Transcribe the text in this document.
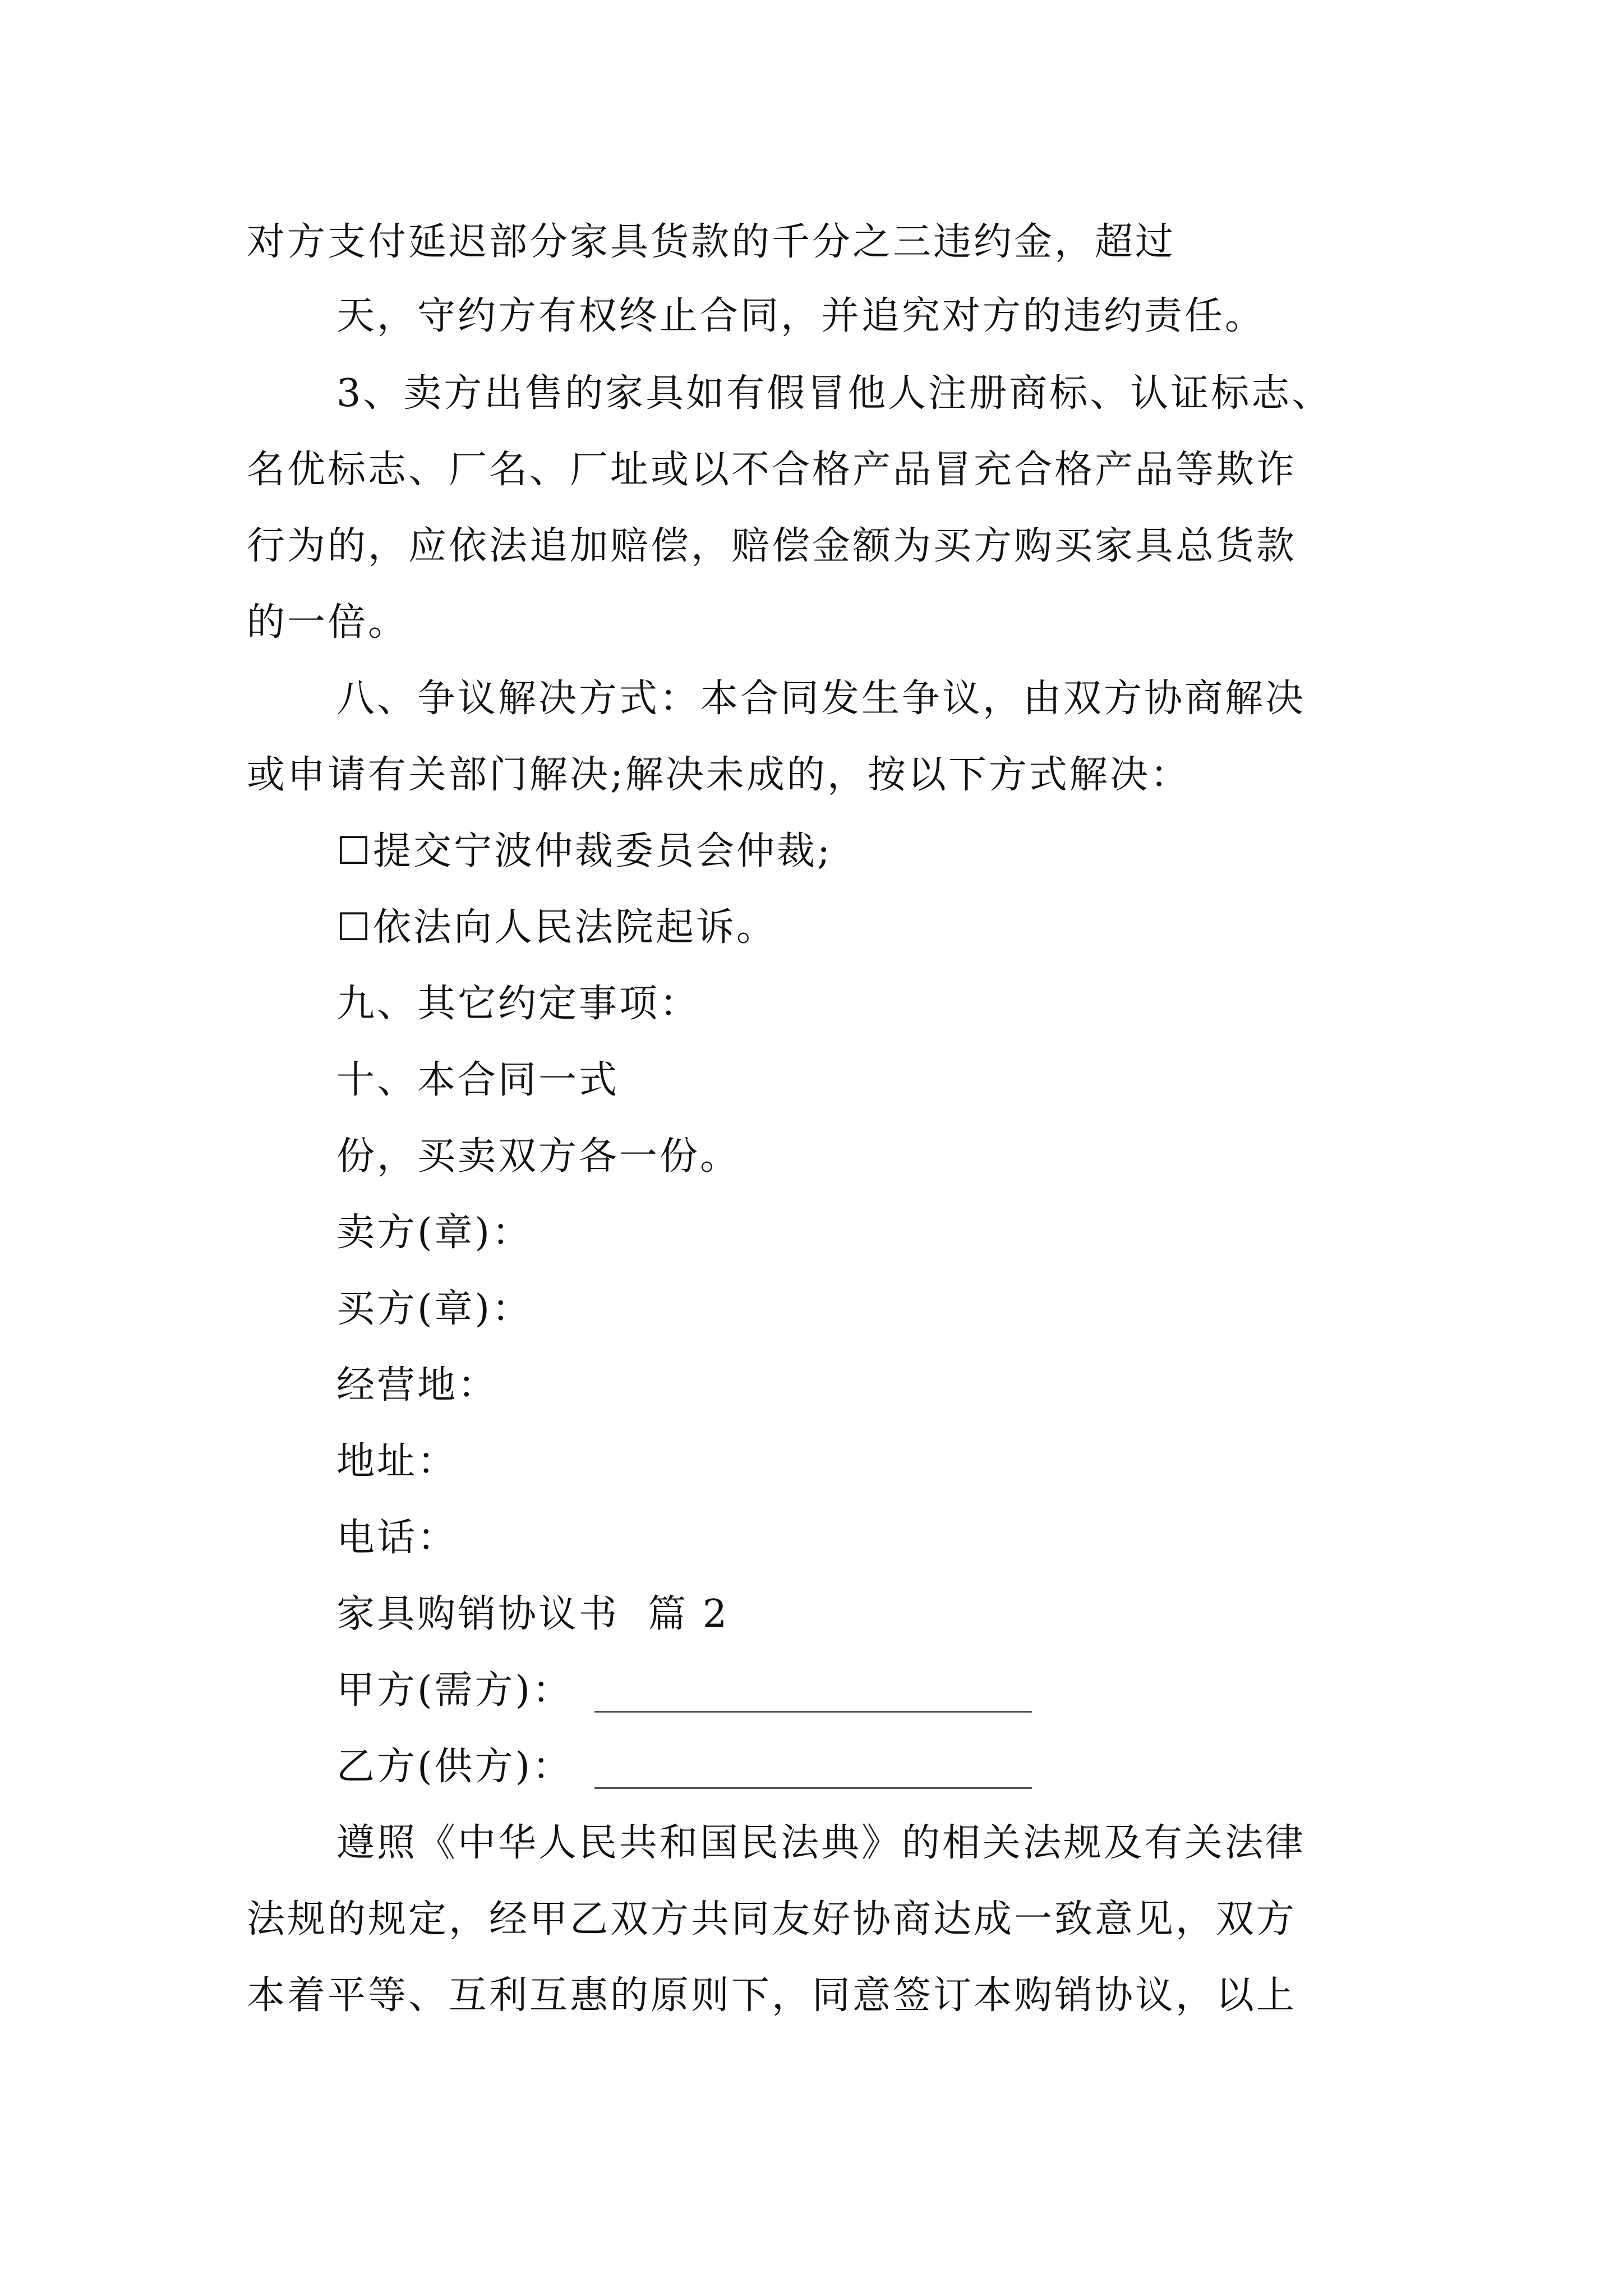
对方支付延迟部分家具货款的千分之三违约金，超过
天，守约方有权终止合同，并追究对方的违约责任。
3、卖方出售的家具如有假冒他人注册商标、认证标志、
名优标志、厂名、厂址或以不合格产品冒充合格产品等欺诈
行为的，应依法追加赔偿，赔偿金额为买方购买家具总货款
的一倍。
八、争议解决方式：本合同发生争议，由双方协商解决
或申请有关部门解决;解决未成的，按以下方式解决：
☐提交宁波仲裁委员会仲裁;
☐依法向人民法院起诉。
九、其它约定事项：
十、本合同一式
份，买卖双方各一份。
卖方(章)：
买方(章)：
经营地：
地址：
电话：
家具购销协议书  篇 2
甲方(需方)：
乙方(供方)：
遵照《中华人民共和国民法典》的相关法规及有关法律
法规的规定，经甲乙双方共同友好协商达成一致意见，双方
本着平等、互利互惠的原则下，同意签订本购销协议，以上
